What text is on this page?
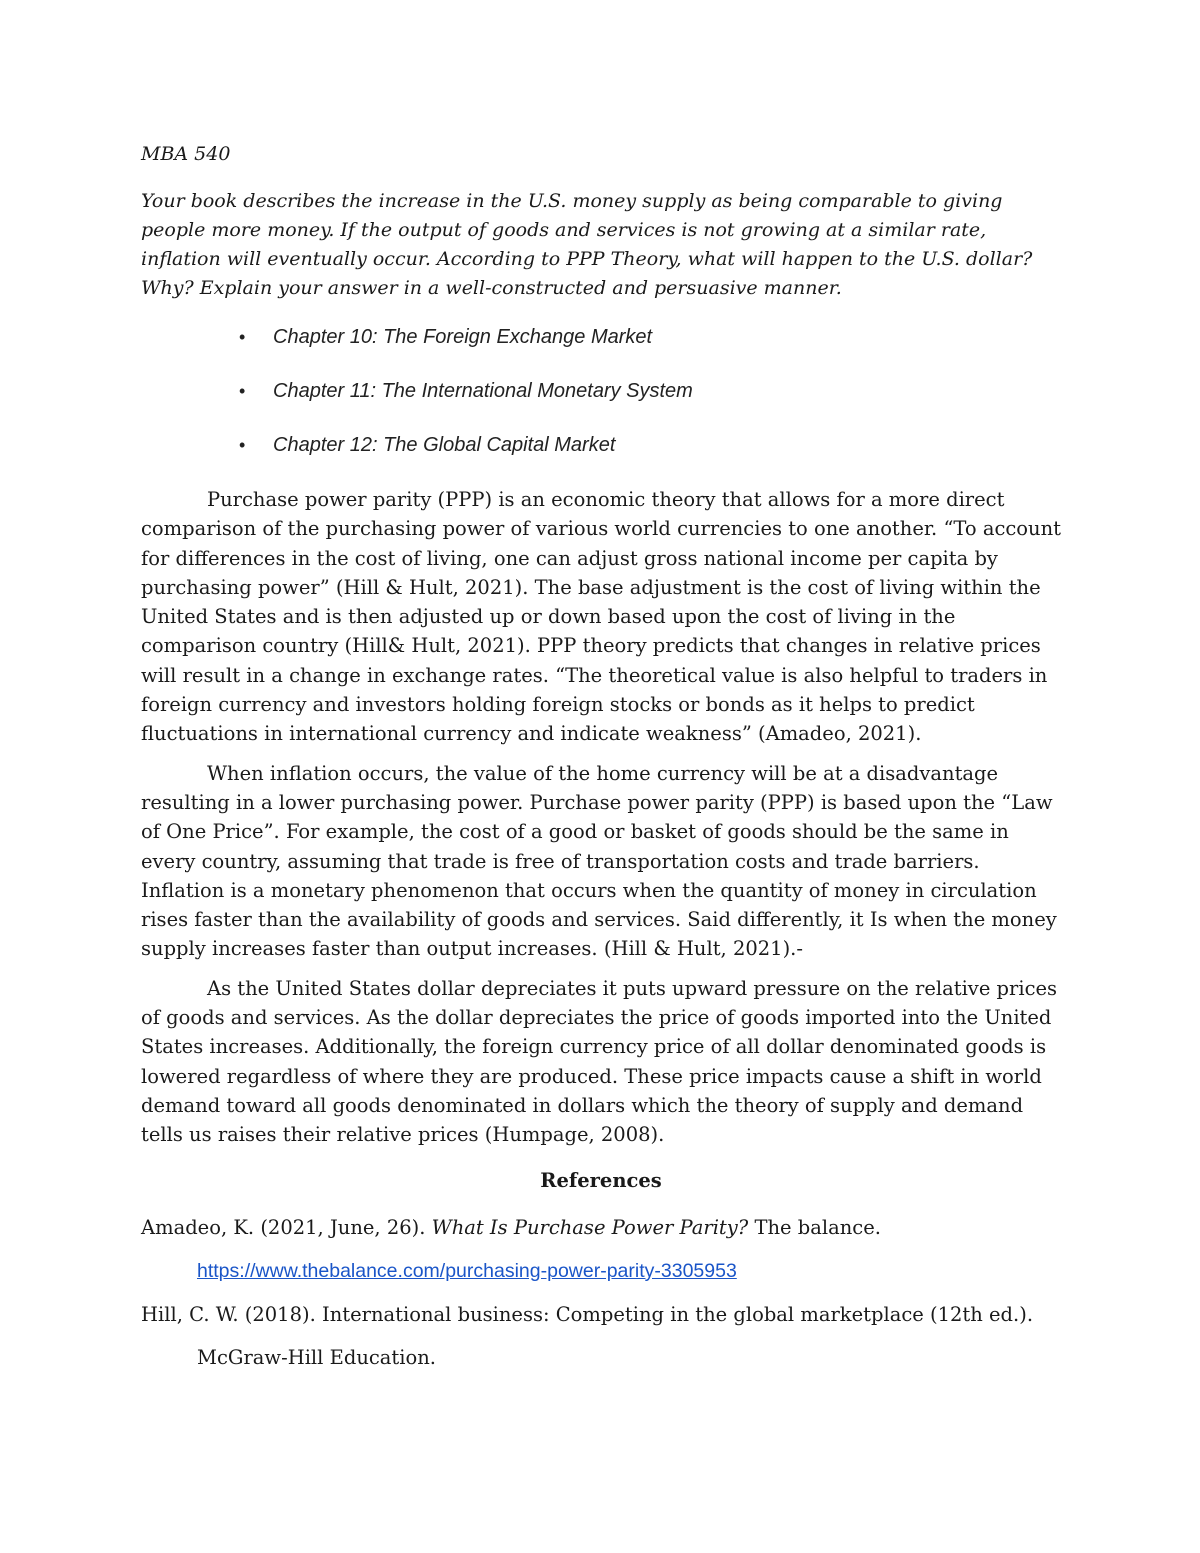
MBA 540

Your book describes the increase in the U.S. money supply as being comparable to giving people more money. If the output of goods and services is not growing at a similar rate, inflation will eventually occur. According to PPP Theory, what will happen to the U.S. dollar? Why? Explain your answer in a well-constructed and persuasive manner.

• Chapter 10: The Foreign Exchange Market
• Chapter 11: The International Monetary System
• Chapter 12: The Global Capital Market

Purchase power parity (PPP) is an economic theory that allows for a more direct comparison of the purchasing power of various world currencies to one another. “To account for differences in the cost of living, one can adjust gross national income per capita by purchasing power” (Hill & Hult, 2021). The base adjustment is the cost of living within the United States and is then adjusted up or down based upon the cost of living in the comparison country (Hill& Hult, 2021). PPP theory predicts that changes in relative prices will result in a change in exchange rates. “The theoretical value is also helpful to traders in foreign currency and investors holding foreign stocks or bonds as it helps to predict fluctuations in international currency and indicate weakness” (Amadeo, 2021).

When inflation occurs, the value of the home currency will be at a disadvantage resulting in a lower purchasing power. Purchase power parity (PPP) is based upon the “Law of One Price”. For example, the cost of a good or basket of goods should be the same in every country, assuming that trade is free of transportation costs and trade barriers. Inflation is a monetary phenomenon that occurs when the quantity of money in circulation rises faster than the availability of goods and services. Said differently, it Is when the money supply increases faster than output increases. (Hill & Hult, 2021).-

As the United States dollar depreciates it puts upward pressure on the relative prices of goods and services. As the dollar depreciates the price of goods imported into the United States increases. Additionally, the foreign currency price of all dollar denominated goods is lowered regardless of where they are produced. These price impacts cause a shift in world demand toward all goods denominated in dollars which the theory of supply and demand tells us raises their relative prices (Humpage, 2008).

References
Amadeo, K. (2021, June, 26). What Is Purchase Power Parity? The balance.
https://www.thebalance.com/purchasing-power-parity-3305953
Hill, C. W. (2018). International business: Competing in the global marketplace (12th ed.).
McGraw-Hill Education.
